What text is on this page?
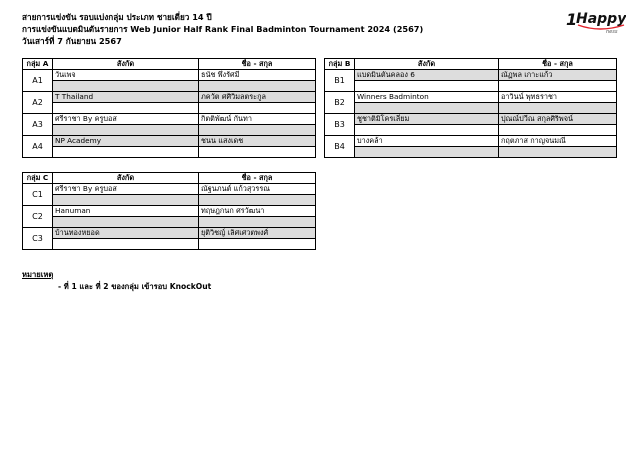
สายการแข่งขัน รอบแบ่งกลุ่ม ประเภท ชายเดี่ยว 14 ปี
การแข่งขันแบดมินตันรายการ Web Junior Half Rank Final Badminton Tournament 2024 (2567)
วันเสาร์ที่ 7 กันยายน 2567
1
Happy
ness
กลุ่ม A	สังกัด	ชื่อ - สกุล
A1	วันเพจ	ธนัช พึ่งรัศมี

A2	T Thailand	ภควัต ศศิวิมลตระกูล

A3	ศรีราชา By ครูบอส	กิตติพัฒน์ กันทา

A4	NP Academy	ชนน แสงเดช

กลุ่ม B	สังกัด	ชื่อ - สกุล
B1	แบดมินตันคลอง 6	ณัฏพล เกาะแก้ว

B2	Winners Badminton	อาวินน์ พุทธราชา

B3	ชูชาติมิโครเลี่ยม	ปุณณ์ปวีณ สกุลศิริพจน์

B4	บางคล้า	กฤตภาส กาญจนมณี

กลุ่ม C	สังกัด	ชื่อ - สกุล
C1	ศรีราชา By ครูบอส	ณัฐนภนต์ แก้วสุวรรณ

C2	Hanuman	ทฤษฎกนก ศรวัฒนา

C3	บ้านทองหยอด	ยุติวิชญ์ เลิศเศวตพงศ์

หมายเหตุ
- ที่ 1 และ ที่ 2 ของกลุ่ม เข้ารอบ KnockOut
